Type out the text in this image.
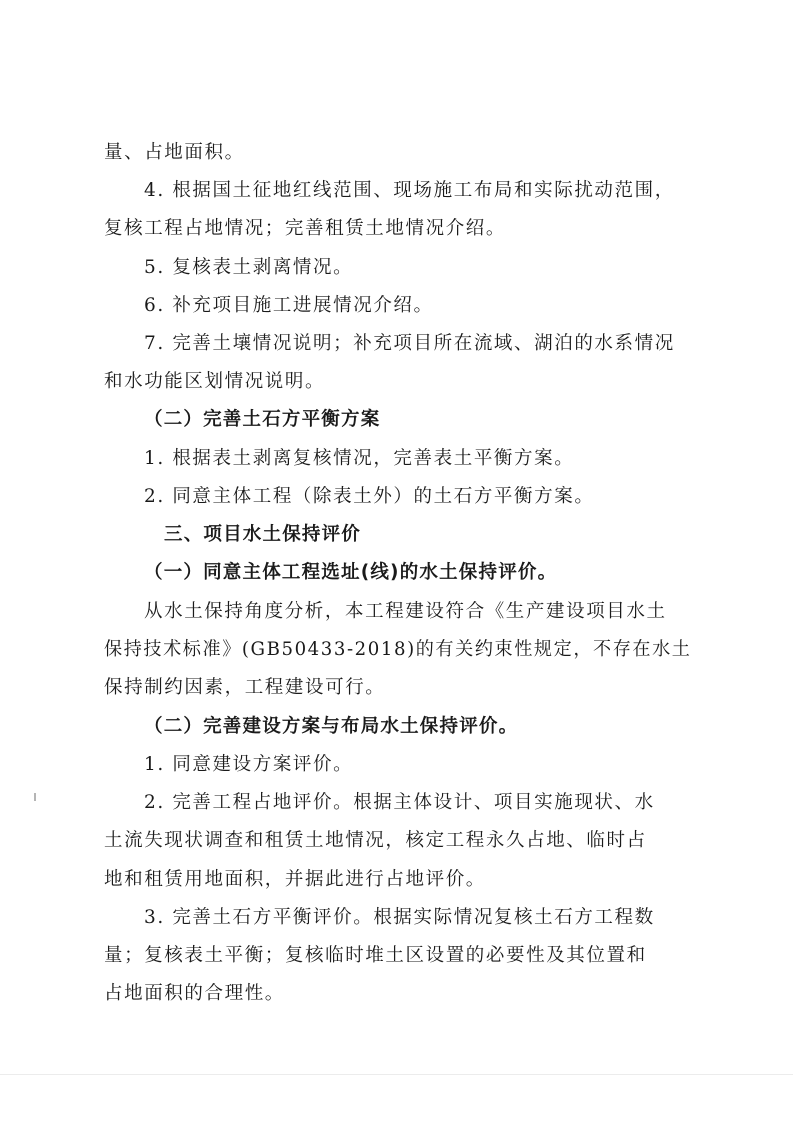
量、占地面积。
4. 根据国土征地红线范围、现场施工布局和实际扰动范围，
复核工程占地情况；完善租赁土地情况介绍。
5. 复核表土剥离情况。
6. 补充项目施工进展情况介绍。
7. 完善土壤情况说明；补充项目所在流域、湖泊的水系情况
和水功能区划情况说明。
（二）完善土石方平衡方案
1. 根据表土剥离复核情况，完善表土平衡方案。
2. 同意主体工程（除表土外）的土石方平衡方案。
三、项目水土保持评价
（一）同意主体工程选址(线)的水土保持评价。
从水土保持角度分析，本工程建设符合《生产建设项目水土
保持技术标准》(GB50433-2018)的有关约束性规定，不存在水土
保持制约因素，工程建设可行。
（二）完善建设方案与布局水土保持评价。
1. 同意建设方案评价。
2. 完善工程占地评价。根据主体设计、项目实施现状、水
土流失现状调查和租赁土地情况，核定工程永久占地、临时占
地和租赁用地面积，并据此进行占地评价。
3. 完善土石方平衡评价。根据实际情况复核土石方工程数
量；复核表土平衡；复核临时堆土区设置的必要性及其位置和
占地面积的合理性。
